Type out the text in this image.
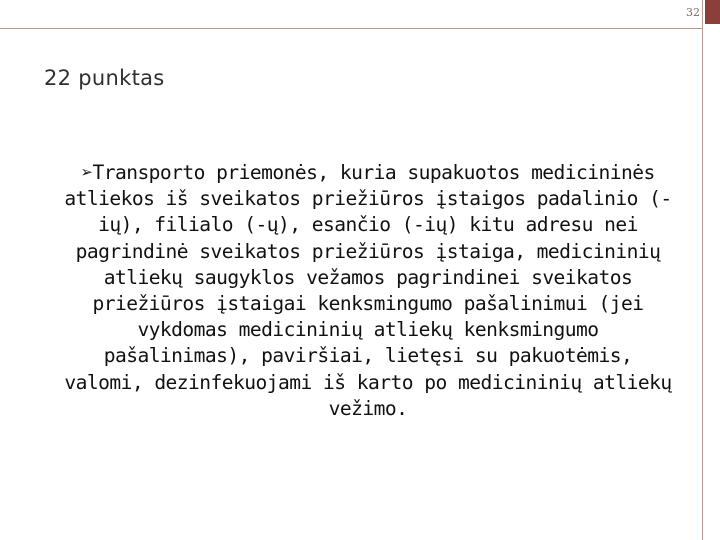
32
22 punktas

➢Transporto priemonės, kuria supakuotos medicininės atliekos iš sveikatos priežiūros įstaigos padalinio (-ių), filialo (-ų), esančio (-ių) kitu adresu nei pagrindinė sveikatos priežiūros įstaiga, medicininių atliekų saugyklos vežamos pagrindinei sveikatos priežiūros įstaigai kenksmingumo pašalinimui (jei vykdomas medicininių atliekų kenksmingumo pašalinimas), paviršiai, lietęsi su pakuotėmis, valomi, dezinfekuojami iš karto po medicininių atliekų vežimo.
